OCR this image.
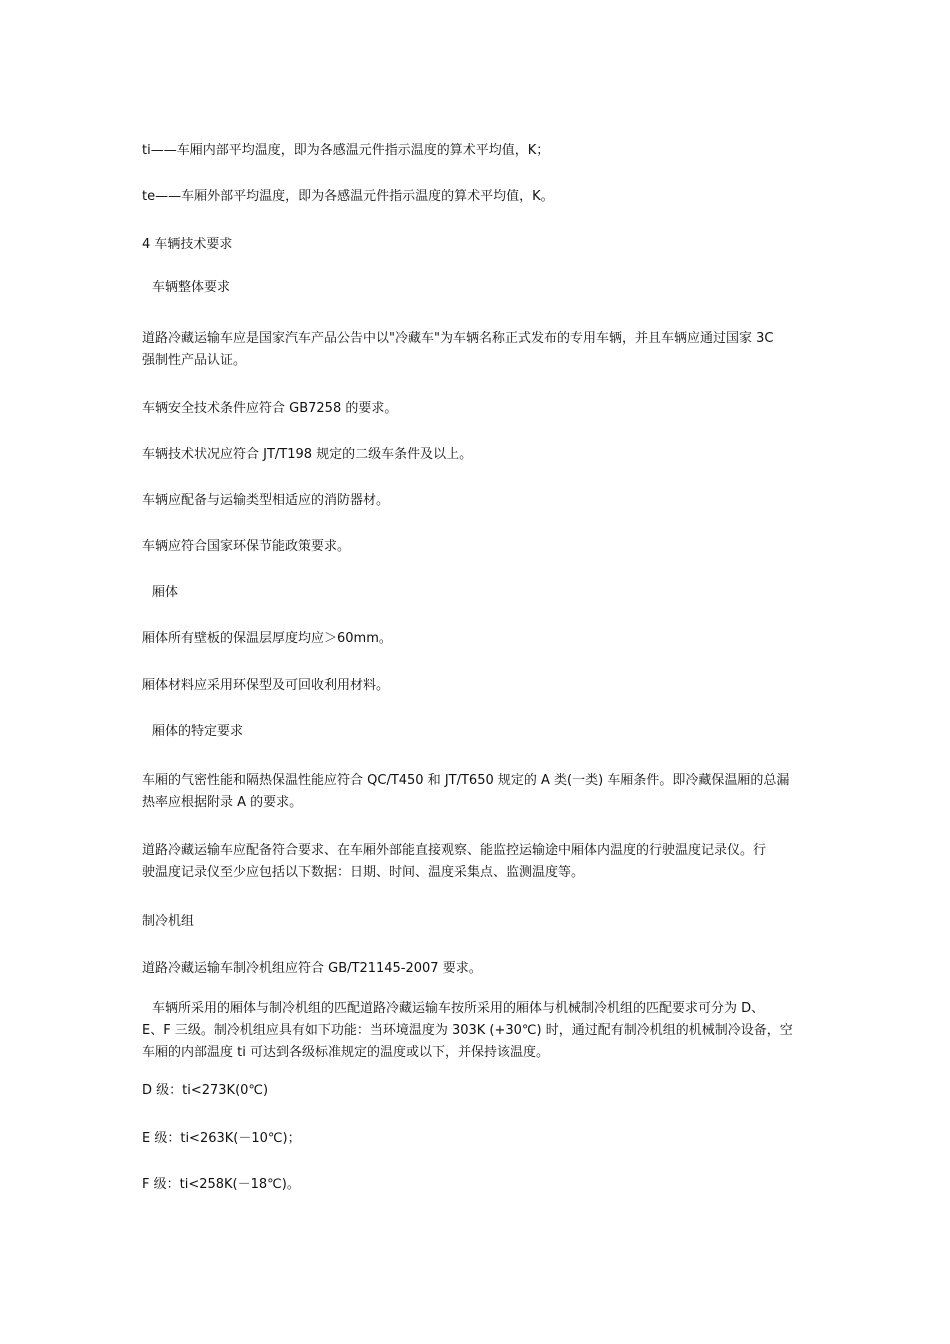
ti——车厢内部平均温度，即为各感温元件指示温度的算术平均值，K；
te——车厢外部平均温度，即为各感温元件指示温度的算术平均值，K。
4 车辆技术要求
车辆整体要求
道路冷藏运输车应是国家汽车产品公告中以"冷藏车"为车辆名称正式发布的专用车辆，并且车辆应通过国家 3C
强制性产品认证。
车辆安全技术条件应符合 GB7258 的要求。
车辆技术状况应符合 JT/T198 规定的二级车条件及以上。
车辆应配备与运输类型相适应的消防器材。
车辆应符合国家环保节能政策要求。
厢体
厢体所有壁板的保温层厚度均应＞60mm。
厢体材料应采用环保型及可回收利用材料。
厢体的特定要求
车厢的气密性能和隔热保温性能应符合 QC/T450 和 JT/T650 规定的 A 类(一类) 车厢条件。即冷藏保温厢的总漏
热率应根据附录 A 的要求。
道路冷藏运输车应配备符合要求、在车厢外部能直接观察、能监控运输途中厢体内温度的行驶温度记录仪。行
驶温度记录仪至少应包括以下数据：日期、时间、温度采集点、监测温度等。
制冷机组
道路冷藏运输车制冷机组应符合 GB/T21145-2007 要求。
车辆所采用的厢体与制冷机组的匹配道路冷藏运输车按所采用的厢体与机械制冷机组的匹配要求可分为 D、
E、F 三级。制冷机组应具有如下功能：当环境温度为 303K (+30℃) 时，通过配有制冷机组的机械制冷设备，空
车厢的内部温度 ti 可达到各级标准规定的温度或以下，并保持该温度。
D 级：ti<273K(0℃)
E 级：ti<263K(－10℃)；
F 级：ti<258K(－18℃)。
